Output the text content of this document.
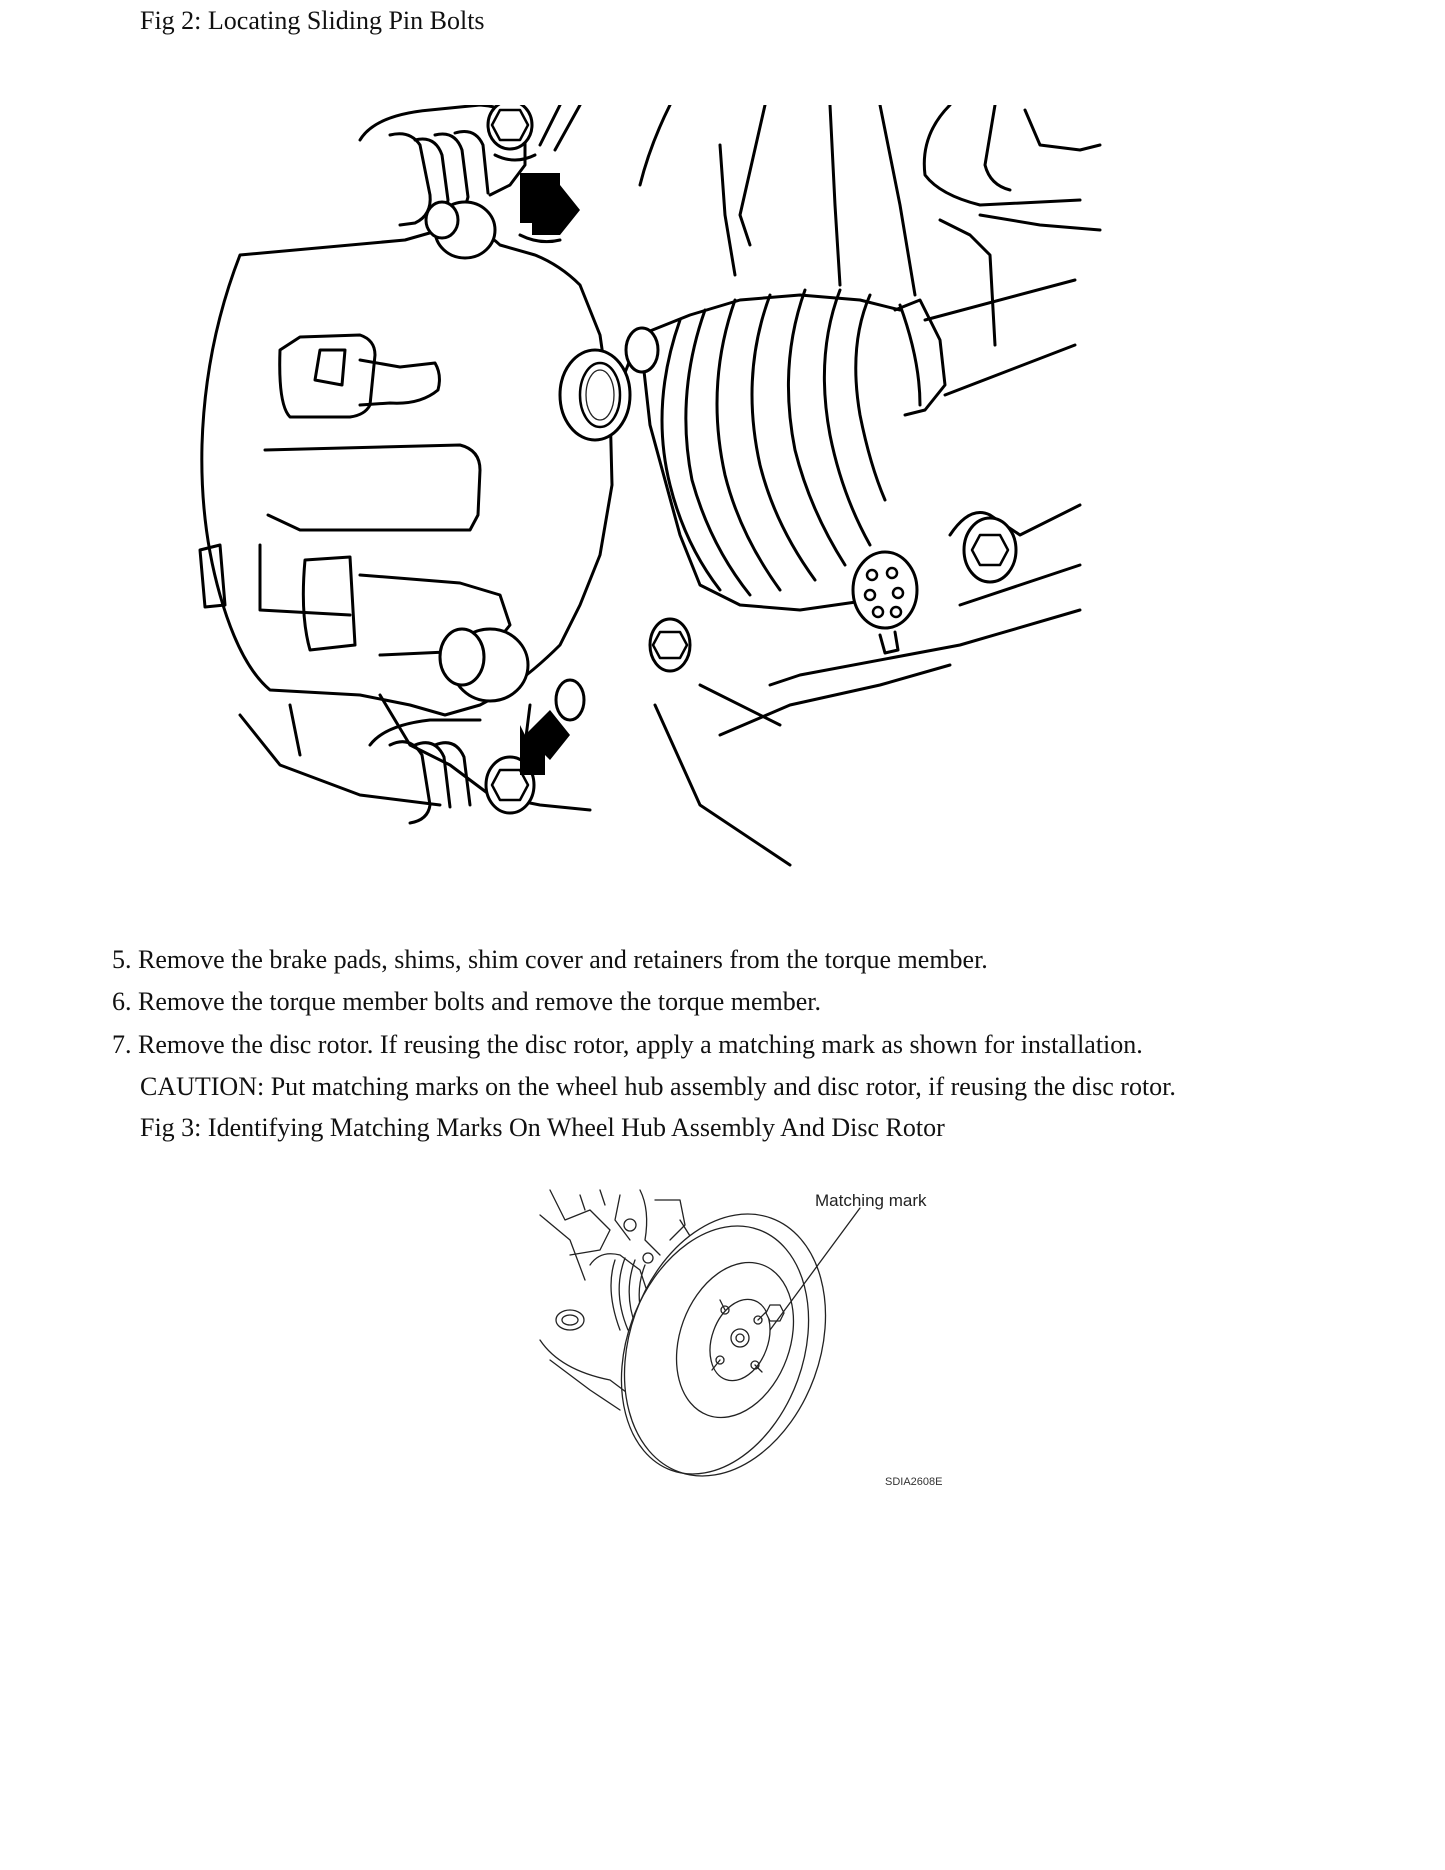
Fig 2: Locating Sliding Pin Bolts
5. Remove the brake pads, shims, shim cover and retainers from the torque member.
6. Remove the torque member bolts and remove the torque member.
7. Remove the disc rotor. If reusing the disc rotor, apply a matching mark as shown for installation.
CAUTION: Put matching marks on the wheel hub assembly and disc rotor, if reusing the disc rotor.
Fig 3: Identifying Matching Marks On Wheel Hub Assembly And Disc Rotor
Matching mark
SDIA2608E
